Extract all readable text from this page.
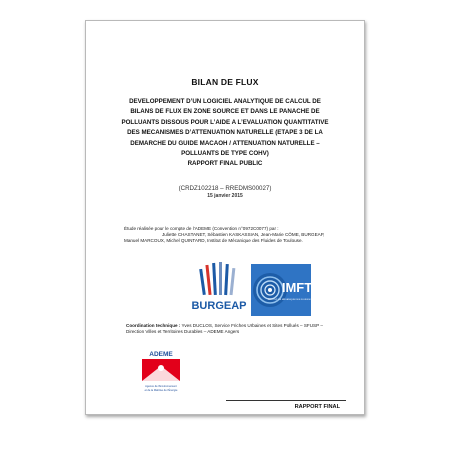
BILAN DE FLUX
DEVELOPPEMENT D’UN LOGICIEL ANALYTIQUE DE CALCUL DE
BILANS DE FLUX EN ZONE SOURCE ET DANS LE PANACHE DE
POLLUANTS DISSOUS POUR L’AIDE A L’EVALUATION QUANTITATIVE
DES MECANISMES D’ATTENUATION NATURELLE (ETAPE 3 DE LA
DEMARCHE DU GUIDE MACAOH / ATTENUATION NATURELLE –
POLLUANTS DE TYPE COHV)
RAPPORT FINAL PUBLIC
(CRDZ102218 – RREDMS00027)
15 janvier 2015
Étude réalisée pour le compte de l’ADEME (Convention n°0972C0077) par :
Juliette CHASTANET, Sébastien KASKASSIAN, Jean-Marie CÔME, BURGEAP,
Manuel MARCOUX, Michel QUINTARD, Institut de Mécanique des Fluides de Toulouse.
BURGEAP
IMFT
INSTITUT DE MÉCANIQUE DES FLUIDES DE TOULOUSE
Coordination technique : Yves DUCLOS, Service Friches Urbaines et Sites Pollués – SFUSP –
Direction Villes et Territoires Durables – ADEME Angers
ADEME
Agence de l'Environnement
et de la Maîtrise de l'Énergie
RAPPORT FINAL
